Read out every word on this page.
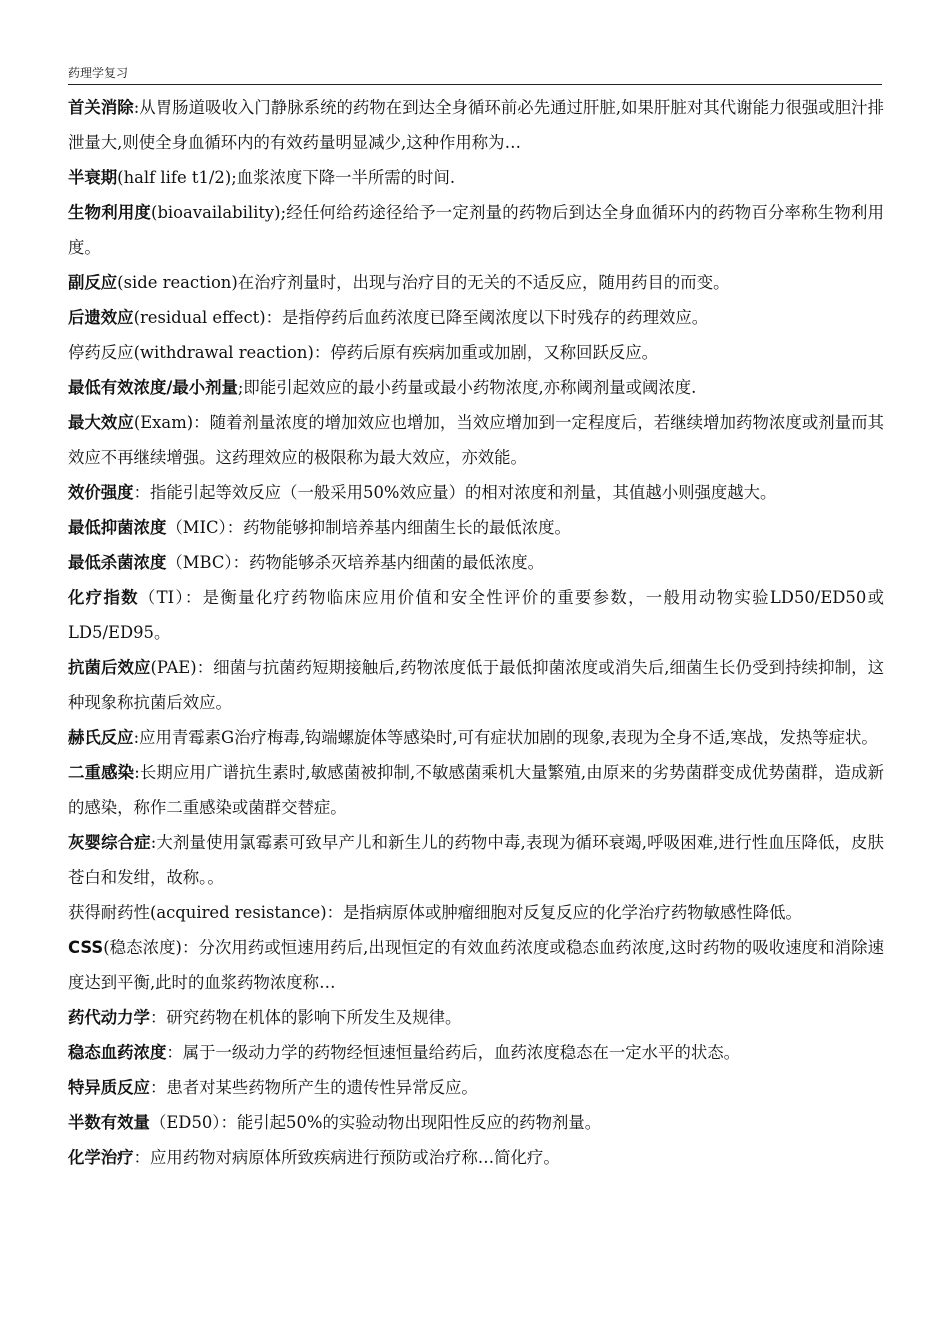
药理学复习

首关消除:从胃肠道吸收入门静脉系统的药物在到达全身循环前必先通过肝脏,如果肝脏对其代谢能力很强或胆汁排泄量大,则使全身血循环内的有效药量明显减少,这种作用称为…

半衰期(half life t1/2);血浆浓度下降一半所需的时间.

生物利用度(bioavailability);经任何给药途径给予一定剂量的药物后到达全身血循环内的药物百分率称生物利用度。

副反应(side reaction)在治疗剂量时，出现与治疗目的无关的不适反应，随用药目的而变。

后遗效应(residual effect)：是指停药后血药浓度已降至阈浓度以下时残存的药理效应。

停药反应(withdrawal reaction)：停药后原有疾病加重或加剧，又称回跃反应。

最低有效浓度/最小剂量;即能引起效应的最小药量或最小药物浓度,亦称阈剂量或阈浓度.

最大效应(Exam)：随着剂量浓度的增加效应也增加，当效应增加到一定程度后，若继续增加药物浓度或剂量而其效应不再继续增强。这药理效应的极限称为最大效应，亦效能。

效价强度：指能引起等效反应（一般采用50%效应量）的相对浓度和剂量，其值越小则强度越大。

最低抑菌浓度（MIC）：药物能够抑制培养基内细菌生长的最低浓度。

最低杀菌浓度（MBC）：药物能够杀灭培养基内细菌的最低浓度。

化疗指数（TI）：是衡量化疗药物临床应用价值和安全性评价的重要参数，一般用动物实验LD50/ED50或LD5/ED95。

抗菌后效应(PAE)：细菌与抗菌药短期接触后,药物浓度低于最低抑菌浓度或消失后,细菌生长仍受到持续抑制，这种现象称抗菌后效应。

赫氏反应:应用青霉素G治疗梅毒,钩端螺旋体等感染时,可有症状加剧的现象,表现为全身不适,寒战，发热等症状。

二重感染:长期应用广谱抗生素时,敏感菌被抑制,不敏感菌乘机大量繁殖,由原来的劣势菌群变成优势菌群，造成新的感染，称作二重感染或菌群交替症。

灰婴综合症:大剂量使用氯霉素可致早产儿和新生儿的药物中毒,表现为循环衰竭,呼吸困难,进行性血压降低，皮肤苍白和发绀，故称。。

获得耐药性(acquired resistance)：是指病原体或肿瘤细胞对反复反应的化学治疗药物敏感性降低。

CSS(稳态浓度)：分次用药或恒速用药后,出现恒定的有效血药浓度或稳态血药浓度,这时药物的吸收速度和消除速度达到平衡,此时的血浆药物浓度称…

药代动力学：研究药物在机体的影响下所发生及规律。

稳态血药浓度：属于一级动力学的药物经恒速恒量给药后，血药浓度稳态在一定水平的状态。

特异质反应：患者对某些药物所产生的遗传性异常反应。

半数有效量（ED50）：能引起50%的实验动物出现阳性反应的药物剂量。

化学治疗：应用药物对病原体所致疾病进行预防或治疗称…简化疗。
